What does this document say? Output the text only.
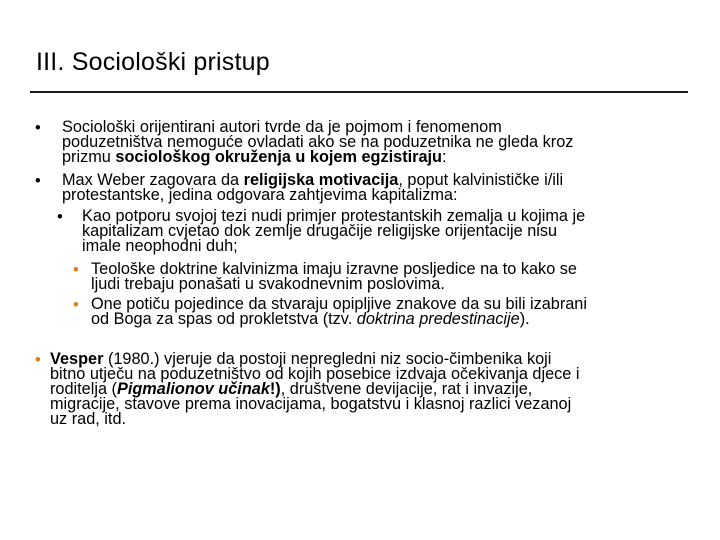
III. Sociološki pristup
• Sociološki orijentirani autori tvrde da je pojmom i fenomenom
poduzetništva nemoguće ovladati ako se na poduzetnika ne gleda kroz
prizmu sociološkog okruženja u kojem egzistiraju:
• Max Weber zagovara da religijska motivacija, poput kalvinističke i/ili
protestantske, jedina odgovara zahtjevima kapitalizma:
• Kao potporu svojoj tezi nudi primjer protestantskih zemalja u kojima je
kapitalizam cvjetao dok zemlje drugačije religijske orijentacije nisu
imale neophodni duh;
• Teološke doktrine kalvinizma imaju izravne posljedice na to kako se
ljudi trebaju ponašati u svakodnevnim poslovima.
• One potiču pojedince da stvaraju opipljive znakove da su bili izabrani
od Boga za spas od prokletstva (tzv. doktrina predestinacije).
• Vesper (1980.) vjeruje da postoji nepregledni niz socio-čimbenika koji
bitno utječu na poduzetništvo od kojih posebice izdvaja očekivanja djece i
roditelja (Pigmalionov učinak!), društvene devijacije, rat i invazije,
migracije, stavove prema inovacijama, bogatstvu i klasnoj razlici vezanoj
uz rad, itd.
